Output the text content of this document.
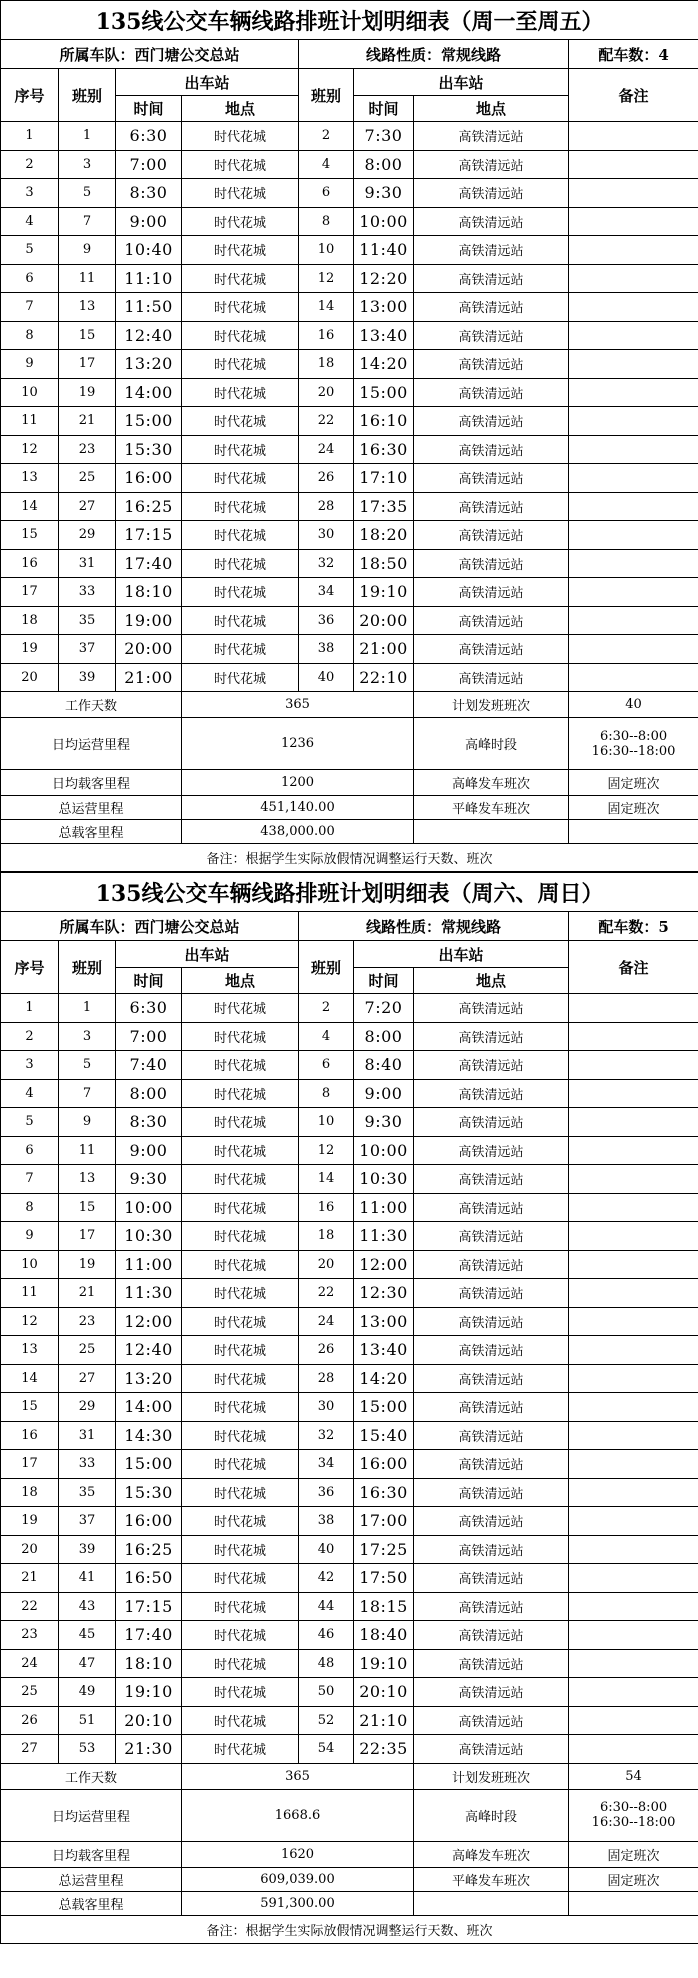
135线公交车辆线路排班计划明细表（周一至周五）							
所属车队：西门塘公交总站				线路性质：常规线路			配车数：4
序号	班别	出车站		班别	出车站		备注
		时间	地点		时间	地点	
1	1	6:30	时代花城	2	7:30	高铁清远站	
2	3	7:00	时代花城	4	8:00	高铁清远站	
3	5	8:30	时代花城	6	9:30	高铁清远站	
4	7	9:00	时代花城	8	10:00	高铁清远站	
5	9	10:40	时代花城	10	11:40	高铁清远站	
6	11	11:10	时代花城	12	12:20	高铁清远站	
7	13	11:50	时代花城	14	13:00	高铁清远站	
8	15	12:40	时代花城	16	13:40	高铁清远站	
9	17	13:20	时代花城	18	14:20	高铁清远站	
10	19	14:00	时代花城	20	15:00	高铁清远站	
11	21	15:00	时代花城	22	16:10	高铁清远站	
12	23	15:30	时代花城	24	16:30	高铁清远站	
13	25	16:00	时代花城	26	17:10	高铁清远站	
14	27	16:25	时代花城	28	17:35	高铁清远站	
15	29	17:15	时代花城	30	18:20	高铁清远站	
16	31	17:40	时代花城	32	18:50	高铁清远站	
17	33	18:10	时代花城	34	19:10	高铁清远站	
18	35	19:00	时代花城	36	20:00	高铁清远站	
19	37	20:00	时代花城	38	21:00	高铁清远站	
20	39	21:00	时代花城	40	22:10	高铁清远站	
工作天数			365			计划发班班次	40
日均运营里程			1236			高峰时段	6:30--8:00
16:30--18:00

日均载客里程			1200			高峰发车班次	固定班次
总运营里程			451,140.00			平峰发车班次	固定班次
总载客里程			438,000.00				
备注：根据学生实际放假情况调整运行天数、班次							
135线公交车辆线路排班计划明细表（周六、周日）							
所属车队：西门塘公交总站				线路性质：常规线路			配车数：5
序号	班别	出车站		班别	出车站		备注
		时间	地点		时间	地点	
1	1	6:30	时代花城	2	7:20	高铁清远站	
2	3	7:00	时代花城	4	8:00	高铁清远站	
3	5	7:40	时代花城	6	8:40	高铁清远站	
4	7	8:00	时代花城	8	9:00	高铁清远站	
5	9	8:30	时代花城	10	9:30	高铁清远站	
6	11	9:00	时代花城	12	10:00	高铁清远站	
7	13	9:30	时代花城	14	10:30	高铁清远站	
8	15	10:00	时代花城	16	11:00	高铁清远站	
9	17	10:30	时代花城	18	11:30	高铁清远站	
10	19	11:00	时代花城	20	12:00	高铁清远站	
11	21	11:30	时代花城	22	12:30	高铁清远站	
12	23	12:00	时代花城	24	13:00	高铁清远站	
13	25	12:40	时代花城	26	13:40	高铁清远站	
14	27	13:20	时代花城	28	14:20	高铁清远站	
15	29	14:00	时代花城	30	15:00	高铁清远站	
16	31	14:30	时代花城	32	15:40	高铁清远站	
17	33	15:00	时代花城	34	16:00	高铁清远站	
18	35	15:30	时代花城	36	16:30	高铁清远站	
19	37	16:00	时代花城	38	17:00	高铁清远站	
20	39	16:25	时代花城	40	17:25	高铁清远站	
21	41	16:50	时代花城	42	17:50	高铁清远站	
22	43	17:15	时代花城	44	18:15	高铁清远站	
23	45	17:40	时代花城	46	18:40	高铁清远站	
24	47	18:10	时代花城	48	19:10	高铁清远站	
25	49	19:10	时代花城	50	20:10	高铁清远站	
26	51	20:10	时代花城	52	21:10	高铁清远站	
27	53	21:30	时代花城	54	22:35	高铁清远站	
工作天数			365			计划发班班次	54
日均运营里程			1668.6			高峰时段	6:30--8:00
16:30--18:00

日均载客里程			1620			高峰发车班次	固定班次
总运营里程			609,039.00			平峰发车班次	固定班次
总载客里程			591,300.00				
备注：根据学生实际放假情况调整运行天数、班次							
